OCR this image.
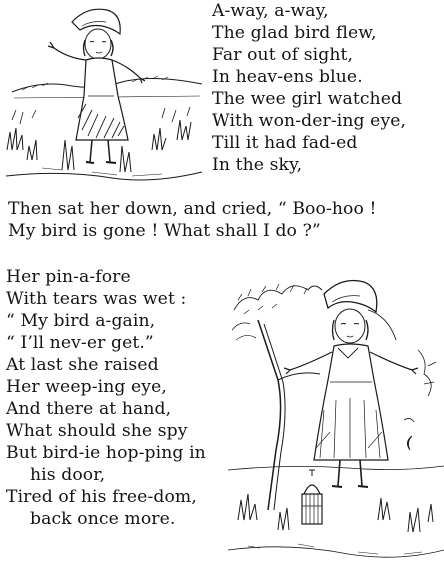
A-way, a-way,
The glad bird flew,
Far out of sight,
In heav-ens blue.
The wee girl watched
With won-der-ing eye,
Till it had fad-ed
In the sky,
Then sat her down, and cried, “ Boo-hoo !
My bird is gone ! What shall I do ?”
Her pin-a-fore
With tears was wet :
“ My bird a-gain,
“ I’ll nev-er get.”
At last she raised
Her weep-ing eye,
And there at hand,
What should she spy
But bird-ie hop-ping in
his door,
Tired of his free-dom,
back once more.
